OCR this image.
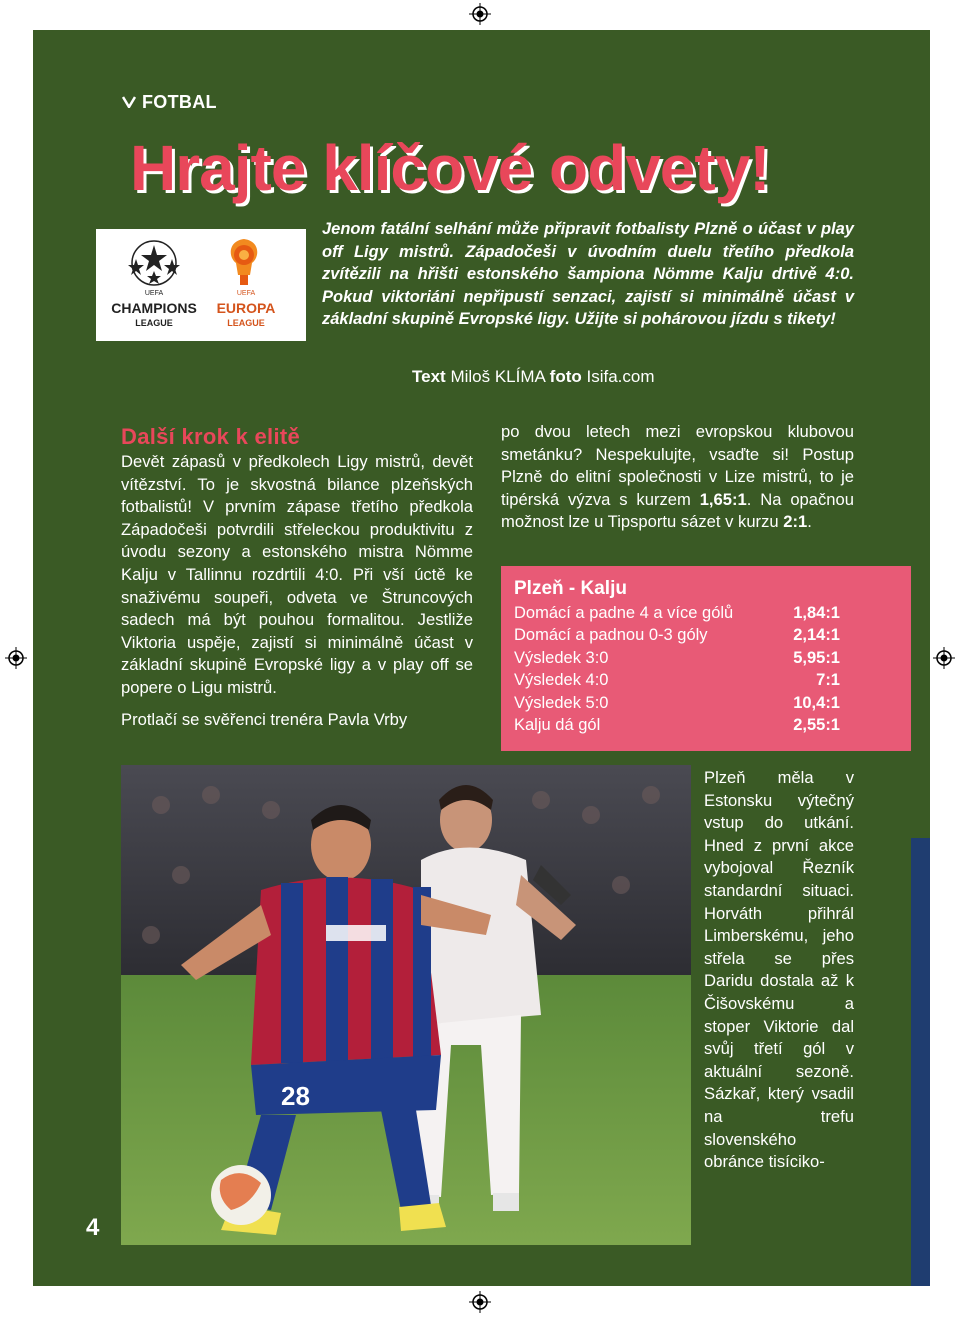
FOTBAL
Hrajte klíčové odvety!
UEFA
CHAMPIONS
LEAGUE
UEFA
EUROPA
LEAGUE
Jenom fatální selhání může připravit fotbalisty Plzně o účast v play off Ligy mistrů. Západočeši v úvodním duelu třetího předkola zvítězili na hřišti estonského šampiona Nömme Kalju drtivě 4:0. Pokud viktoriáni nepřipustí senzaci, zajistí si minimálně účast v základní skupině Evropské ligy. Užijte si pohárovou jízdu s tikety!
Text Miloš KLÍMA foto Isifa.com
Další krok k elitě

Devět zápasů v předkolech Ligy mistrů, devět vítězství. To je skvostná bilance plzeňských fotbalistů! V prvním zápase třetího předkola Západočeši potvrdili střeleckou produktivitu z úvodu sezony a estonského mistra Nömme Kalju v Tallinnu rozdrtili 4:0. Při vší úctě ke snaživému soupeři, odveta ve Štruncových sadech má být pouhou formalitou. Jestliže Viktoria uspěje, zajistí si minimálně účast v základní skupině Evropské ligy a v play off se popere o Ligu mistrů.

Protlačí se svěřenci trenéra Pavla Vrby

po dvou letech mezi evropskou klubovou smetánku? Nespekulujte, vsaďte si! Postup Plzně do elitní společnosti v Lize mistrů, to je tipérská výzva s kurzem 1,65:1. Na opačnou možnost lze u Tipsportu sázet v kurzu 2:1.

Plzeň - Kalju
Domácí a padne 4 a více gólů	1,84:1
Domácí a padnou 0-3 góly	2,14:1
Výsledek 3:0	5,95:1
Výsledek 4:0	7:1
Výsledek 5:0	10,4:1
Kalju dá gól	2,55:1
28

Plzeň měla v Estonsku výtečný vstup do utkání. Hned z první akce vybojoval Řezník standardní situaci. Horváth přihrál Limberskému, jeho střela se přes Daridu dostala až k Čišovskému a stoper Viktorie dal svůj třetí gól v aktuální sezoně. Sázkař, který vsadil na trefu slovenského obránce tisíciko-

4
